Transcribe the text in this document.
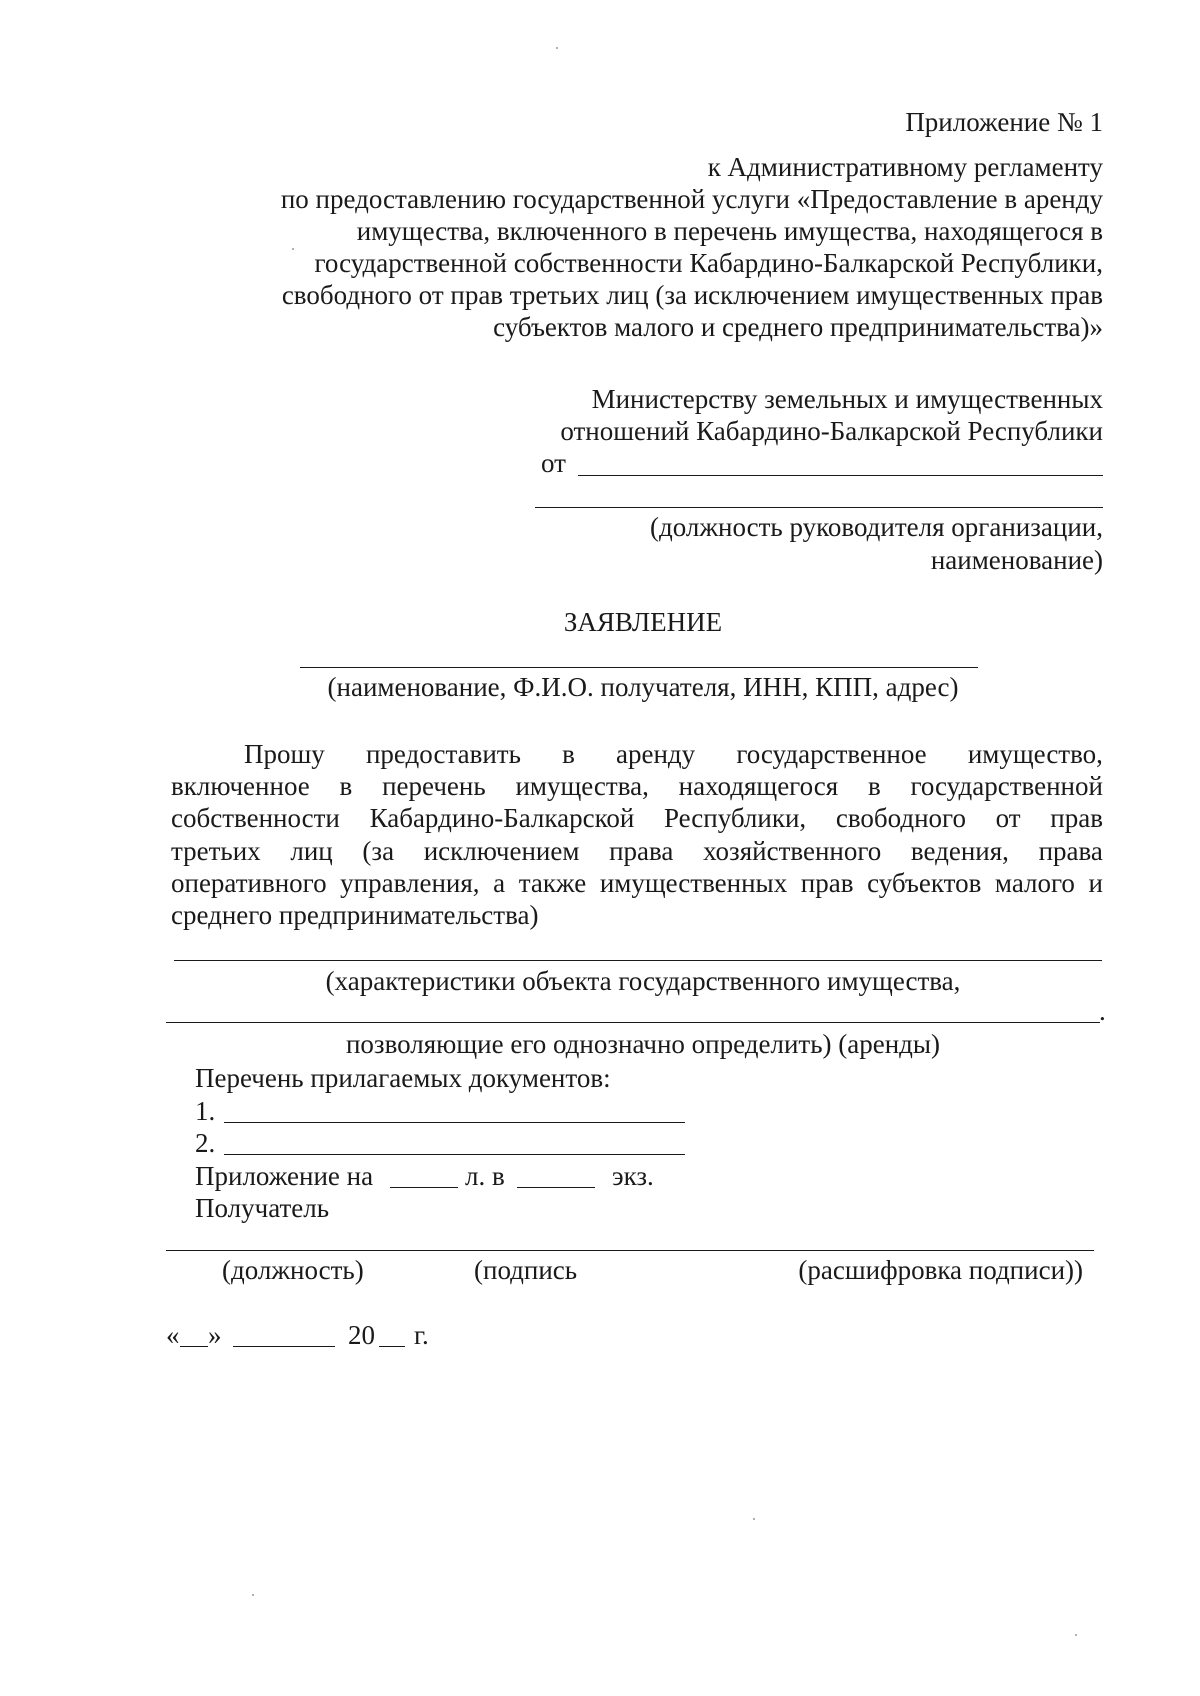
Приложение № 1
к Административному регламенту
по предоставлению государственной услуги «Предоставление в аренду
имущества, включенного в перечень имущества, находящегося в
государственной собственности Кабардино-Балкарской Республики,
свободного от прав третьих лиц (за исключением имущественных прав
субъектов малого и среднего предпринимательства)»
Министерству земельных и имущественных
отношений Кабардино-Балкарской Республики
от
(должность руководителя организации,
наименование)
ЗАЯВЛЕНИЕ
(наименование, Ф.И.О. получателя, ИНН, КПП, адрес)
Прошу предоставить в аренду государственное имущество,
включенное в перечень имущества, находящегося в государственной
собственности Кабардино-Балкарской Республики, свободного от прав
третьих лиц (за исключением права хозяйственного ведения, права
оперативного управления, а также имущественных прав субъектов малого и
среднего предпринимательства)
(характеристики объекта государственного имущества,
.
позволяющие его однозначно определить) (аренды)
Перечень прилагаемых документов:
1.
2.
Приложение на	л. в	экз.
Получатель
(должность)	(подпись	(расшифровка подписи))
« »	20 г.
